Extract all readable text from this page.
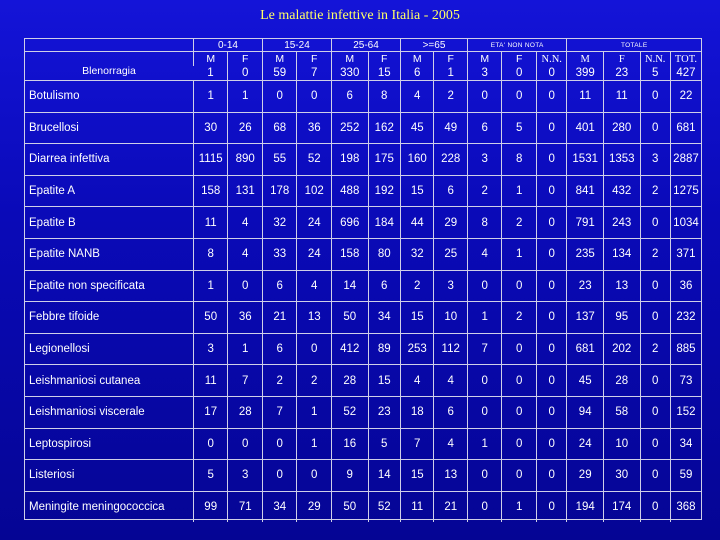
Le malattie infettive in Italia - 2005
	0-14		15-24		25-64		>=65		ETA' NON NOTA			TOTALE			
Blenorragia	M	F	M	F	M	F	M	F	M	F	N.N.	M	F	N.N.	TOT.
	1	0	59	7	330	15	6	1	3	0	0	399	23	5	427
Botulismo	1	1	0	0	6	8	4	2	0	0	0	11	11	0	22
Brucellosi	30	26	68	36	252	162	45	49	6	5	0	401	280	0	681
Diarrea infettiva	1115	890	55	52	198	175	160	228	3	8	0	1531	1353	3	2887
Epatite A	158	131	178	102	488	192	15	6	2	1	0	841	432	2	1275
Epatite B	11	4	32	24	696	184	44	29	8	2	0	791	243	0	1034
Epatite NANB	8	4	33	24	158	80	32	25	4	1	0	235	134	2	371
Epatite non specificata	1	0	6	4	14	6	2	3	0	0	0	23	13	0	36
Febbre tifoide	50	36	21	13	50	34	15	10	1	2	0	137	95	0	232
Legionellosi	3	1	6	0	412	89	253	112	7	0	0	681	202	2	885
Leishmaniosi cutanea	11	7	2	2	28	15	4	4	0	0	0	45	28	0	73
Leishmaniosi viscerale	17	28	7	1	52	23	18	6	0	0	0	94	58	0	152
Leptospirosi	0	0	0	1	16	5	7	4	1	0	0	24	10	0	34
Listeriosi	5	3	0	0	9	14	15	13	0	0	0	29	30	0	59
Meningite meningococcica	99	71	34	29	50	52	11	21	0	1	0	194	174	0	368
